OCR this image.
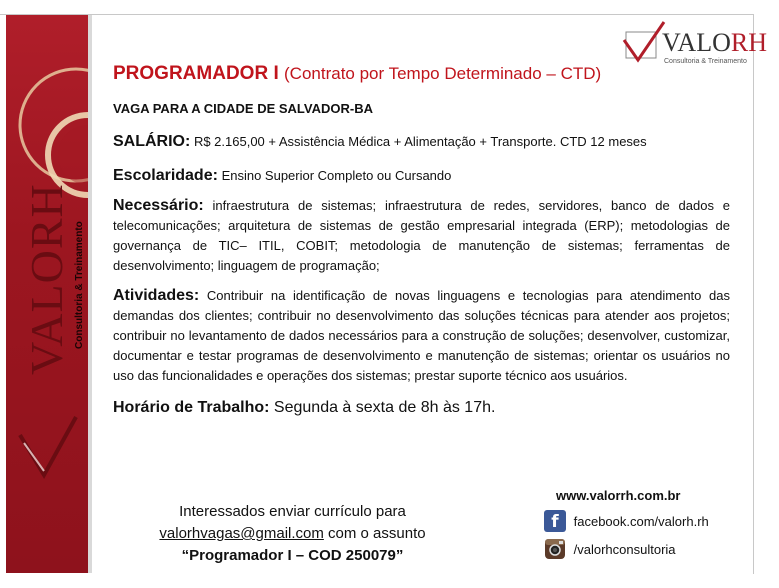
VALORH Consultoria & Treinamento
VALORH
Consultoria & Treinamento
PROGRAMADOR I (Contrato por Tempo Determinado – CTD)
VAGA PARA A CIDADE DE SALVADOR-BA
SALÁRIO: R$ 2.165,00 + Assistência Médica + Alimentação + Transporte. CTD 12 meses
Escolaridade: Ensino Superior Completo ou Cursando
Necessário: infraestrutura de sistemas; infraestrutura de redes, servidores, banco de dados e telecomunicações; arquitetura de sistemas de gestão empresarial integrada (ERP); metodologias de governança de TIC– ITIL, COBIT; metodologia de manutenção de sistemas; ferramentas de desenvolvimento; linguagem de programação;
Atividades: Contribuir na identificação de novas linguagens e tecnologias para atendimento das demandas dos clientes; contribuir no desenvolvimento das soluções técnicas para atender aos projetos; contribuir no levantamento de dados necessários para a construção de soluções; desenvolver, customizar, documentar e testar programas de desenvolvimento e manutenção de sistemas; orientar os usuários no uso das funcionalidades e operações dos sistemas; prestar suporte técnico aos usuários.
Horário de Trabalho: Segunda à sexta de 8h às 17h.
Interessados enviar currículo para
valorhvagas@gmail.com com o assunto
“Programador I – COD 250079”
www.valorrh.com.br
f facebook.com/valorh.rh
/valorhconsultoria
